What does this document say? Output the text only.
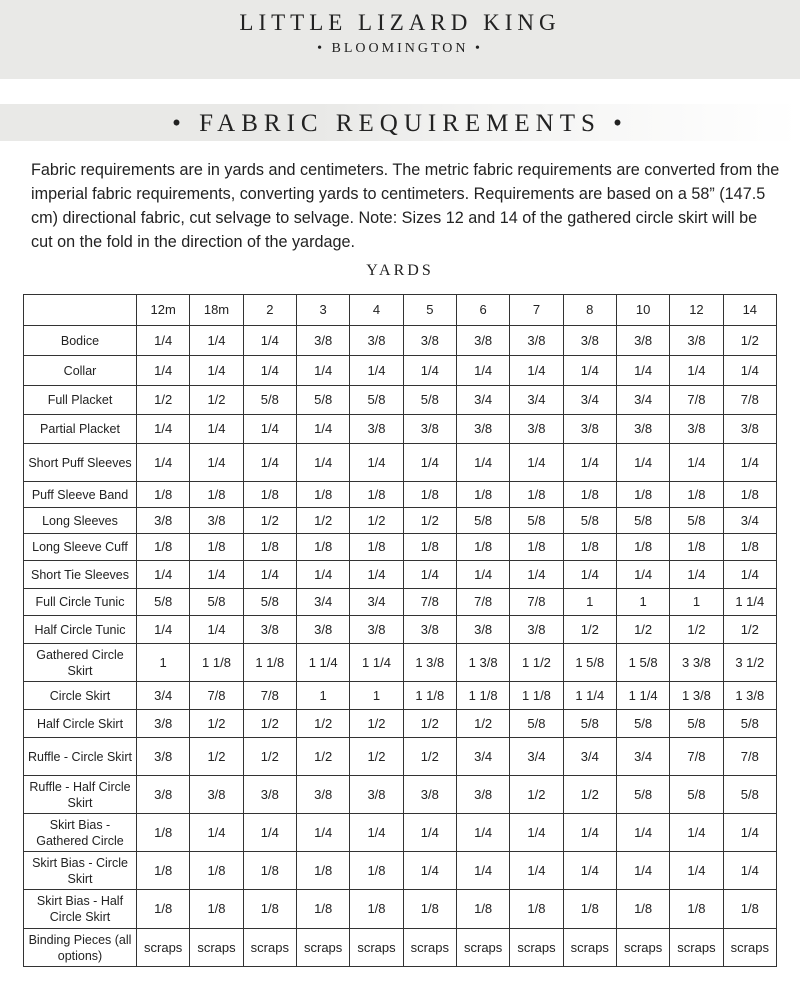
LITTLE LIZARD KING
• BLOOMINGTON •
• FABRIC REQUIREMENTS •
Fabric requirements are in yards and centimeters. The metric fabric requirements are converted from the imperial fabric requirements, converting yards to centimeters. Requirements are based on a 58” (147.5 cm) directional fabric, cut selvage to selvage. Note: Sizes 12 and 14 of the gathered circle skirt will be cut on the fold in the direction of the yardage.
YARDS
	12m	18m	2	3	4	5	6	7	8	10	12	14
Bodice	1/4	1/4	1/4	3/8	3/8	3/8	3/8	3/8	3/8	3/8	3/8	1/2
Collar	1/4	1/4	1/4	1/4	1/4	1/4	1/4	1/4	1/4	1/4	1/4	1/4
Full Placket	1/2	1/2	5/8	5/8	5/8	5/8	3/4	3/4	3/4	3/4	7/8	7/8
Partial Placket	1/4	1/4	1/4	1/4	3/8	3/8	3/8	3/8	3/8	3/8	3/8	3/8
Short Puff Sleeves	1/4	1/4	1/4	1/4	1/4	1/4	1/4	1/4	1/4	1/4	1/4	1/4
Puff Sleeve Band	1/8	1/8	1/8	1/8	1/8	1/8	1/8	1/8	1/8	1/8	1/8	1/8
Long Sleeves	3/8	3/8	1/2	1/2	1/2	1/2	5/8	5/8	5/8	5/8	5/8	3/4
Long Sleeve Cuff	1/8	1/8	1/8	1/8	1/8	1/8	1/8	1/8	1/8	1/8	1/8	1/8
Short Tie Sleeves	1/4	1/4	1/4	1/4	1/4	1/4	1/4	1/4	1/4	1/4	1/4	1/4
Full Circle Tunic	5/8	5/8	5/8	3/4	3/4	7/8	7/8	7/8	1	1	1	1 1/4
Half Circle Tunic	1/4	1/4	3/8	3/8	3/8	3/8	3/8	3/8	1/2	1/2	1/2	1/2
Gathered Circle Skirt	1	1 1/8	1 1/8	1 1/4	1 1/4	1 3/8	1 3/8	1 1/2	1 5/8	1 5/8	3 3/8	3 1/2
Circle Skirt	3/4	7/8	7/8	1	1	1 1/8	1 1/8	1 1/8	1 1/4	1 1/4	1 3/8	1 3/8
Half Circle Skirt	3/8	1/2	1/2	1/2	1/2	1/2	1/2	5/8	5/8	5/8	5/8	5/8
Ruffle - Circle Skirt	3/8	1/2	1/2	1/2	1/2	1/2	3/4	3/4	3/4	3/4	7/8	7/8
Ruffle - Half Circle Skirt	3/8	3/8	3/8	3/8	3/8	3/8	3/8	1/2	1/2	5/8	5/8	5/8
Skirt Bias - Gathered Circle	1/8	1/4	1/4	1/4	1/4	1/4	1/4	1/4	1/4	1/4	1/4	1/4
Skirt Bias - Circle Skirt	1/8	1/8	1/8	1/8	1/8	1/4	1/4	1/4	1/4	1/4	1/4	1/4
Skirt Bias - Half Circle Skirt	1/8	1/8	1/8	1/8	1/8	1/8	1/8	1/8	1/8	1/8	1/8	1/8
Binding Pieces (all options)	scraps	scraps	scraps	scraps	scraps	scraps	scraps	scraps	scraps	scraps	scraps	scraps
